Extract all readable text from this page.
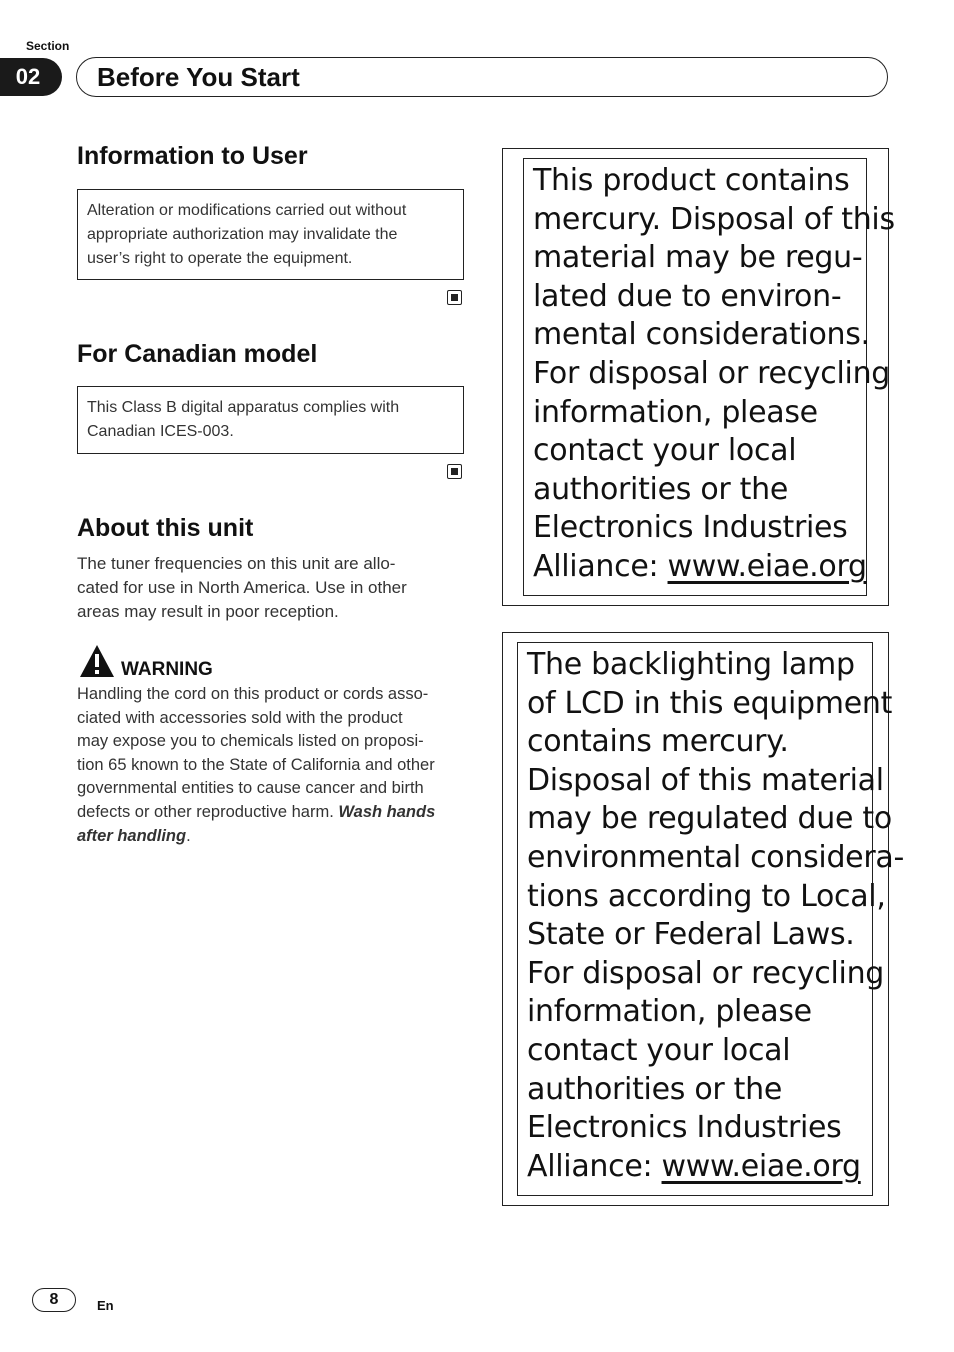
Section
02	Before You Start
Information to User
Alteration or modifications carried out without
appropriate authorization may invalidate the
user’s right to operate the equipment.
For Canadian model
This Class B digital apparatus complies with
Canadian ICES-003.
About this unit
The tuner frequencies on this unit are allo-
cated for use in North America. Use in other
areas may result in poor reception.
WARNING
Handling the cord on this product or cords asso-
ciated with accessories sold with the product
may expose you to chemicals listed on proposi-
tion 65 known to the State of California and other
governmental entities to cause cancer and birth
defects or other reproductive harm. Wash hands
after handling.
This product contains
mercury. Disposal of this
material may be regu-
lated due to environ-
mental considerations.
For disposal or recycling
information, please
contact your local
authorities or the
Electronics Industries
Alliance: www.eiae.org
The backlighting lamp
of LCD in this equipment
contains mercury.
Disposal of this material
may be regulated due to
environmental considera-
tions according to Local,
State or Federal Laws.
For disposal or recycling
information, please
contact your local
authorities or the
Electronics Industries
Alliance: www.eiae.org
8	En
